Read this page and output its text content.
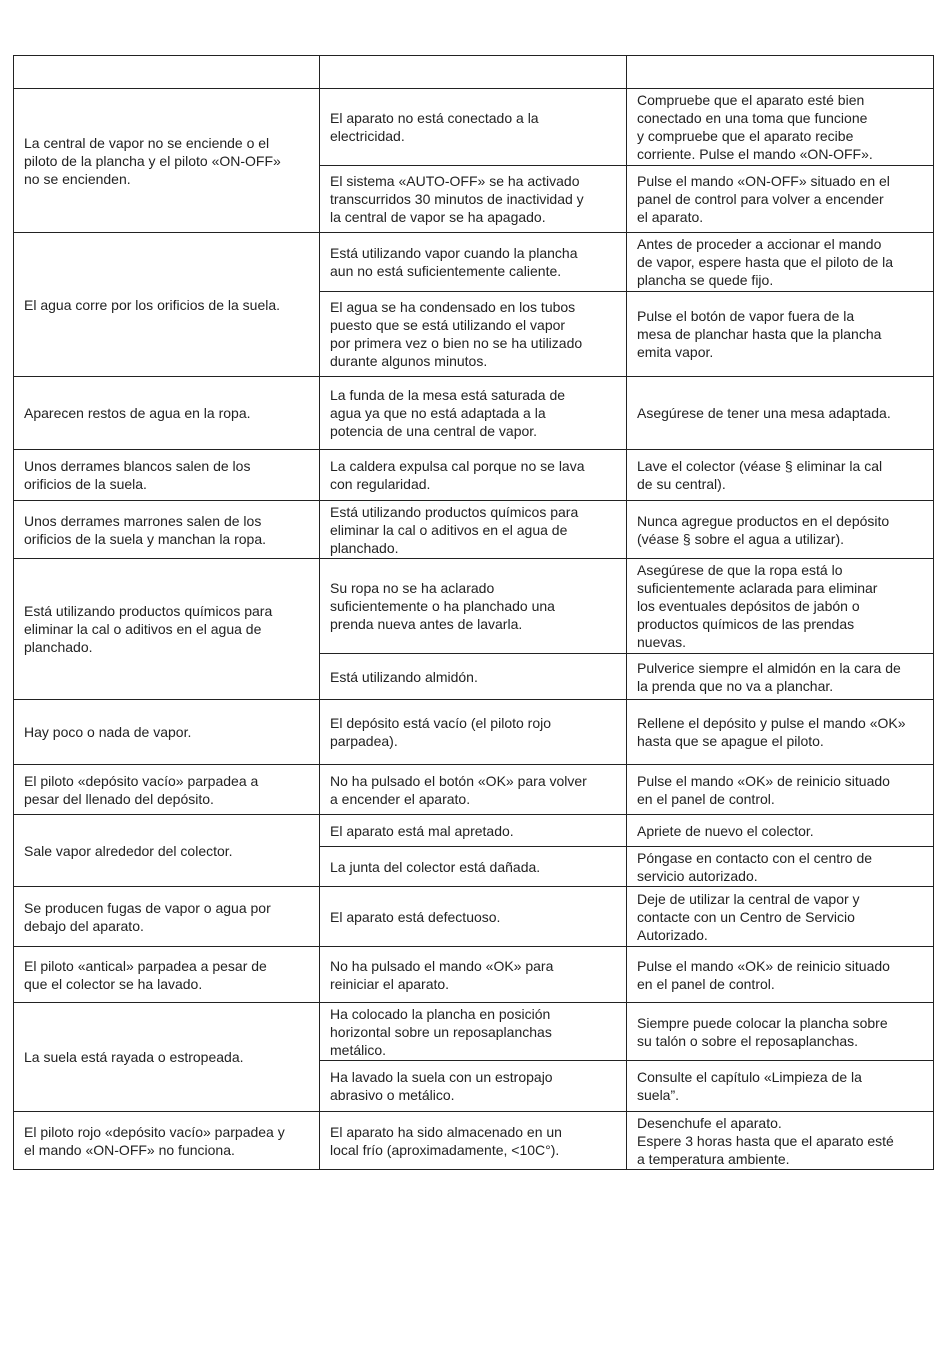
La central de vapor no se enciende o el
piloto de la plancha y el piloto «ON-OFF»
no se encienden.	El aparato no está conectado a la
electricidad.	Compruebe que el aparato esté bien
conectado en una toma que funcione
y compruebe que el aparato recibe
corriente. Pulse el mando «ON-OFF».
	El sistema «AUTO-OFF» se ha activado
transcurridos 30 minutos de inactividad y
la central de vapor se ha apagado.	Pulse el mando «ON-OFF» situado en el
panel de control para volver a encender
el aparato.
El agua corre por los orificios de la suela.	Está utilizando vapor cuando la plancha
aun no está suficientemente caliente.	Antes de proceder a accionar el mando
de vapor, espere hasta que el piloto de la
plancha se quede fijo.
	El agua se ha condensado en los tubos
puesto que se está utilizando el vapor
por primera vez o bien no se ha utilizado
durante algunos minutos.	Pulse el botón de vapor fuera de la
mesa de planchar hasta que la plancha
emita vapor.
Aparecen restos de agua en la ropa.	La funda de la mesa está saturada de
agua ya que no está adaptada a la
potencia de una central de vapor.	Asegúrese de tener una mesa adaptada.
Unos derrames blancos salen de los
orificios de la suela.	La caldera expulsa cal porque no se lava
con regularidad.	Lave el colector (véase § eliminar la cal
de su central).
Unos derrames marrones salen de los
orificios de la suela y manchan la ropa.	Está utilizando productos químicos para
eliminar la cal o aditivos en el agua de
planchado.	Nunca agregue productos en el depósito
(véase § sobre el agua a utilizar).
Está utilizando productos químicos para
eliminar la cal o aditivos en el agua de
planchado.	Su ropa no se ha aclarado
suficientemente o ha planchado una
prenda nueva antes de lavarla.	Asegúrese de que la ropa está lo
suficientemente aclarada para eliminar
los eventuales depósitos de jabón o
productos químicos de las prendas
nuevas.
	Está utilizando almidón.	Pulverice siempre el almidón en la cara de
la prenda que no va a planchar.
Hay poco o nada de vapor.	El depósito está vacío (el piloto rojo
parpadea).	Rellene el depósito y pulse el mando «OK»
hasta que se apague el piloto.
El piloto «depósito vacío» parpadea a
pesar del llenado del depósito.	No ha pulsado el botón «OK» para volver
a encender el aparato.	Pulse el mando «OK» de reinicio situado
en el panel de control.
Sale vapor alrededor del colector.	El aparato está mal apretado.	Apriete de nuevo el colector.
	La junta del colector está dañada.	Póngase en contacto con el centro de
servicio autorizado.
Se producen fugas de vapor o agua por
debajo del aparato.	El aparato está defectuoso.	Deje de utilizar la central de vapor y
contacte con un Centro de Servicio
Autorizado.
El piloto «antical» parpadea a pesar de
que el colector se ha lavado.	No ha pulsado el mando «OK» para
reiniciar el aparato.	Pulse el mando «OK» de reinicio situado
en el panel de control.
La suela está rayada o estropeada.	Ha colocado la plancha en posición
horizontal sobre un reposaplanchas
metálico.	Siempre puede colocar la plancha sobre
su talón o sobre el reposaplanchas.
	Ha lavado la suela con un estropajo
abrasivo o metálico.	Consulte el capítulo «Limpieza de la
suela”.
El piloto rojo «depósito vacío» parpadea y
el mando «ON-OFF» no funciona.	El aparato ha sido almacenado en un
local frío (aproximadamente, <10C°).	Desenchufe el aparato.
Espere 3 horas hasta que el aparato esté
a temperatura ambiente.
